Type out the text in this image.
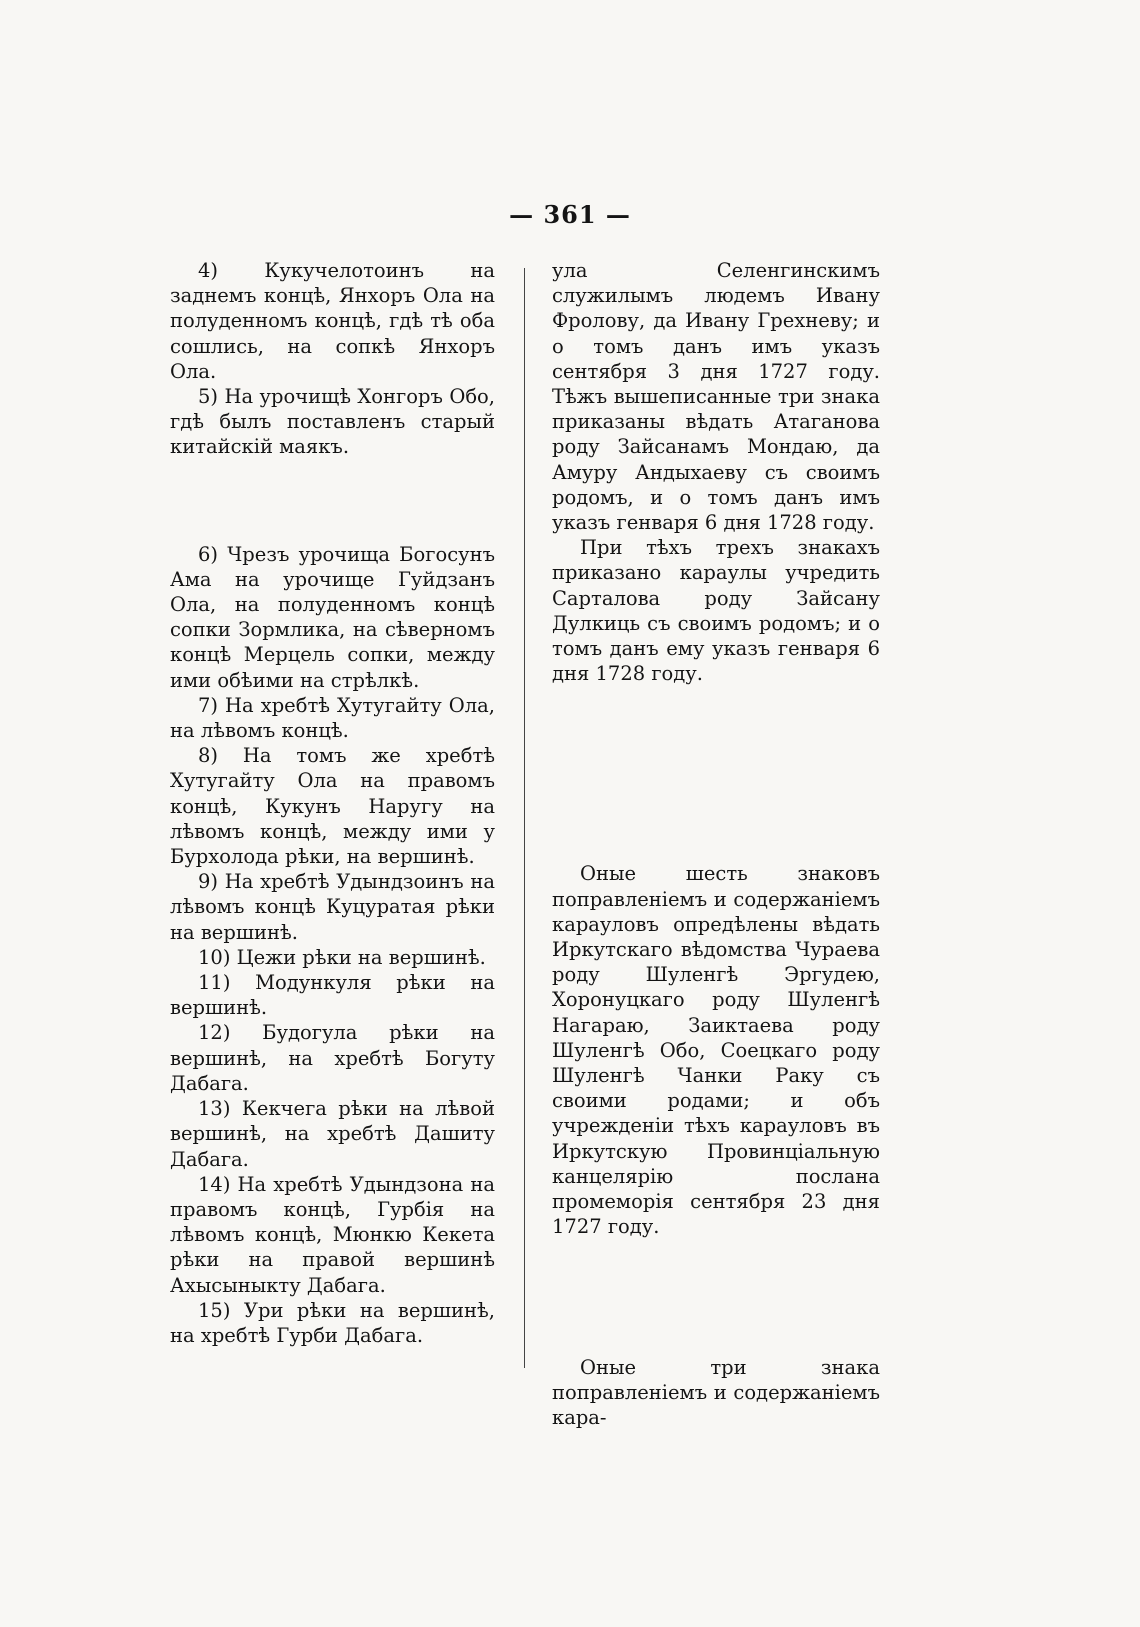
— 361 —

4) Кукучелотоинъ на заднемъ концѣ, Янхоръ Ола на полуденномъ концѣ, гдѣ тѣ оба сошлись, на сопкѣ Янхоръ Ола.

5) На урочищѣ Хонгоръ Обо, гдѣ былъ поставленъ старый китайскій маякъ.

6) Чрезъ урочища Богосунъ Ама на урочище Гуйдзанъ Ола, на полуденномъ концѣ сопки Зормлика, на сѣверномъ концѣ Мерцель сопки, между ими обѣими на стрѣлкѣ.

7) На хребтѣ Хутугайту Ола, на лѣвомъ концѣ.

8) На томъ же хребтѣ Хутугайту Ола на правомъ концѣ, Кукунъ Наругу на лѣвомъ концѣ, между ими у Бурхолода рѣки, на вершинѣ.

9) На хребтѣ Удындзоинъ на лѣвомъ концѣ Куцуратая рѣки на вершинѣ.

10) Цежи рѣки на вершинѣ.

11) Модункуля рѣки на вершинѣ.

12) Будогула рѣки на вершинѣ, на хребтѣ Богуту Дабага.

13) Кекчега рѣки на лѣвой вершинѣ, на хребтѣ Дашиту Дабага.

14) На хребтѣ Удындзона на правомъ концѣ, Гурбія на лѣвомъ концѣ, Мюнкю Кекета рѣки на правой вершинѣ Ахысыныкту Дабага.

15) Ури рѣки на вершинѣ, на хребтѣ Гурби Дабага.

ула Селенгинскимъ служилымъ людемъ Ивану Фролову, да Ивану Грехневу; и о томъ данъ имъ указъ сентября 3 дня 1727 году. Тѣжъ вышеписанные три знака приказаны вѣдать Атаганова роду Зайсанамъ Мондаю, да Амуру Андыхаеву съ своимъ родомъ, и о томъ данъ имъ указъ генваря 6 дня 1728 году.

При тѣхъ трехъ знакахъ приказано караулы учредить Сарталова роду Зайсану Дулкиць съ своимъ родомъ; и о томъ данъ ему указъ генваря 6 дня 1728 году.

Оные шесть знаковъ поправленіемъ и содержаніемъ карауловъ опредѣлены вѣдать Иркутскаго вѣдомства Чураева роду Шуленгѣ Эргудею, Хоронуцкаго роду Шуленгѣ Нагараю, Заиктаева роду Шуленгѣ Обо, Соецкаго роду Шуленгѣ Чанки Раку съ своими родами; и объ учрежденіи тѣхъ карауловъ въ Иркутскую Провинціальную канцелярію послана промеморія сентября 23 дня 1727 году.

Оные три знака поправленіемъ и содержаніемъ кара-
